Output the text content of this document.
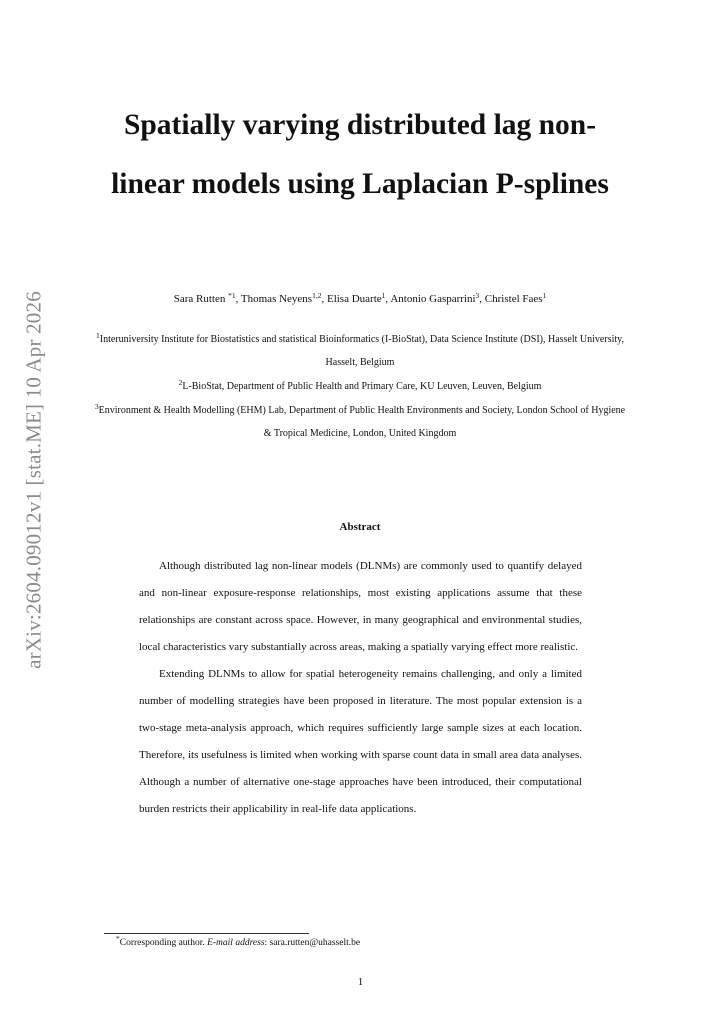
arXiv:2604.09012v1 [stat.ME] 10 Apr 2026
Spatially varying distributed lag non-linear models using Laplacian P-splines
Sara Rutten $^{*1}$, Thomas Neyens$^{1,2}$, Elisa Duarte$^1$, Antonio Gasparrini$^3$, Christel Faes$^1$
$^1$Interuniversity Institute for Biostatistics and statistical Bioinformatics (I-BioStat), Data Science Institute (DSI), Hasselt University, Hasselt, Belgium
$^2$L-BioStat, Department of Public Health and Primary Care, KU Leuven, Leuven, Belgium
$^3$Environment & Health Modelling (EHM) Lab, Department of Public Health Environments and Society, London School of Hygiene & Tropical Medicine, London, United Kingdom
Abstract

Although distributed lag non-linear models (DLNMs) are commonly used to quantify delayed and non-linear exposure-response relationships, most existing applications assume that these relationships are constant across space. However, in many geographical and environmental studies, local characteristics vary substantially across areas, making a spatially varying effect more realistic.

Extending DLNMs to allow for spatial heterogeneity remains challenging, and only a limited number of modelling strategies have been proposed in literature. The most popular extension is a two-stage meta-analysis approach, which requires sufficiently large sample sizes at each location. Therefore, its usefulness is limited when working with sparse count data in small area data analyses. Although a number of alternative one-stage approaches have been introduced, their computational burden restricts their applicability in real-life data applications.

*Corresponding author. E-mail address: sara.rutten@uhasselt.be
1
